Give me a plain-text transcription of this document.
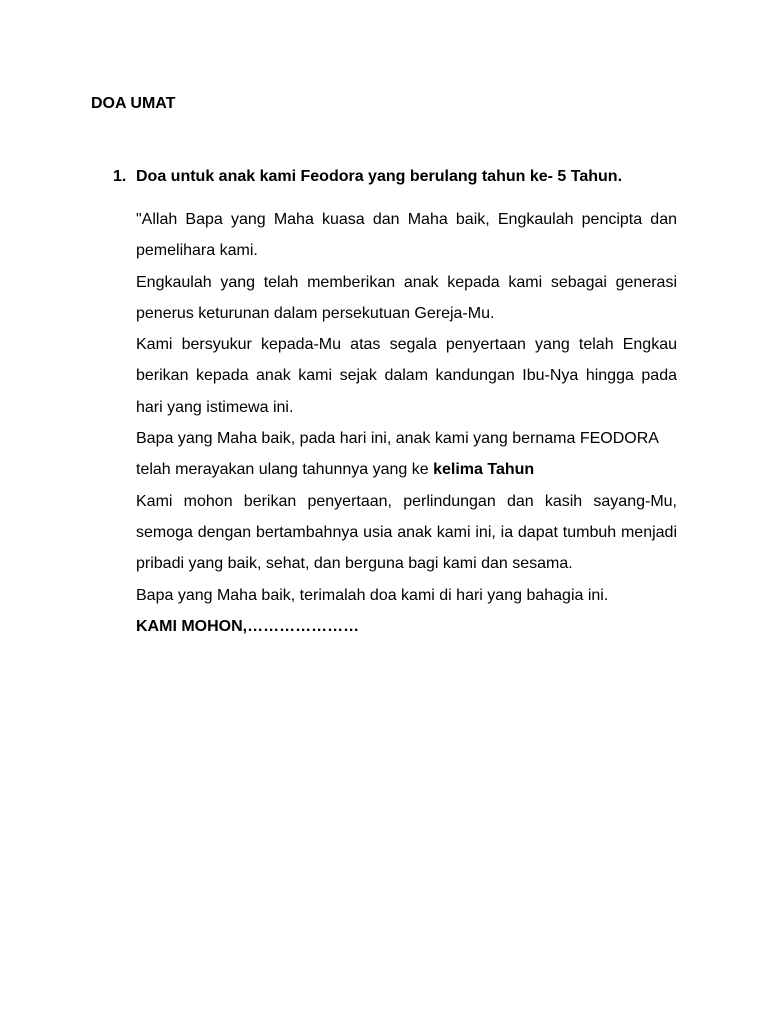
DOA UMAT
1. Doa untuk anak kami Feodora yang berulang tahun ke- 5 Tahun.

"Allah Bapa yang Maha kuasa dan Maha baik, Engkaulah pencipta dan pemelihara kami.

Engkaulah yang telah memberikan anak kepada kami sebagai generasi penerus keturunan dalam persekutuan Gereja-Mu.

Kami bersyukur kepada-Mu atas segala penyertaan yang telah Engkau berikan kepada anak kami sejak dalam kandungan Ibu-Nya hingga pada hari yang istimewa ini.

Bapa yang Maha baik, pada hari ini, anak kami yang bernama FEODORA telah merayakan ulang tahunnya yang ke kelima Tahun

Kami mohon berikan penyertaan, perlindungan dan kasih sayang-Mu, semoga dengan bertambahnya usia anak kami ini, ia dapat tumbuh menjadi pribadi yang baik, sehat, dan berguna bagi kami dan sesama.

Bapa yang Maha baik, terimalah doa kami di hari yang bahagia ini.

KAMI MOHON,…………………
